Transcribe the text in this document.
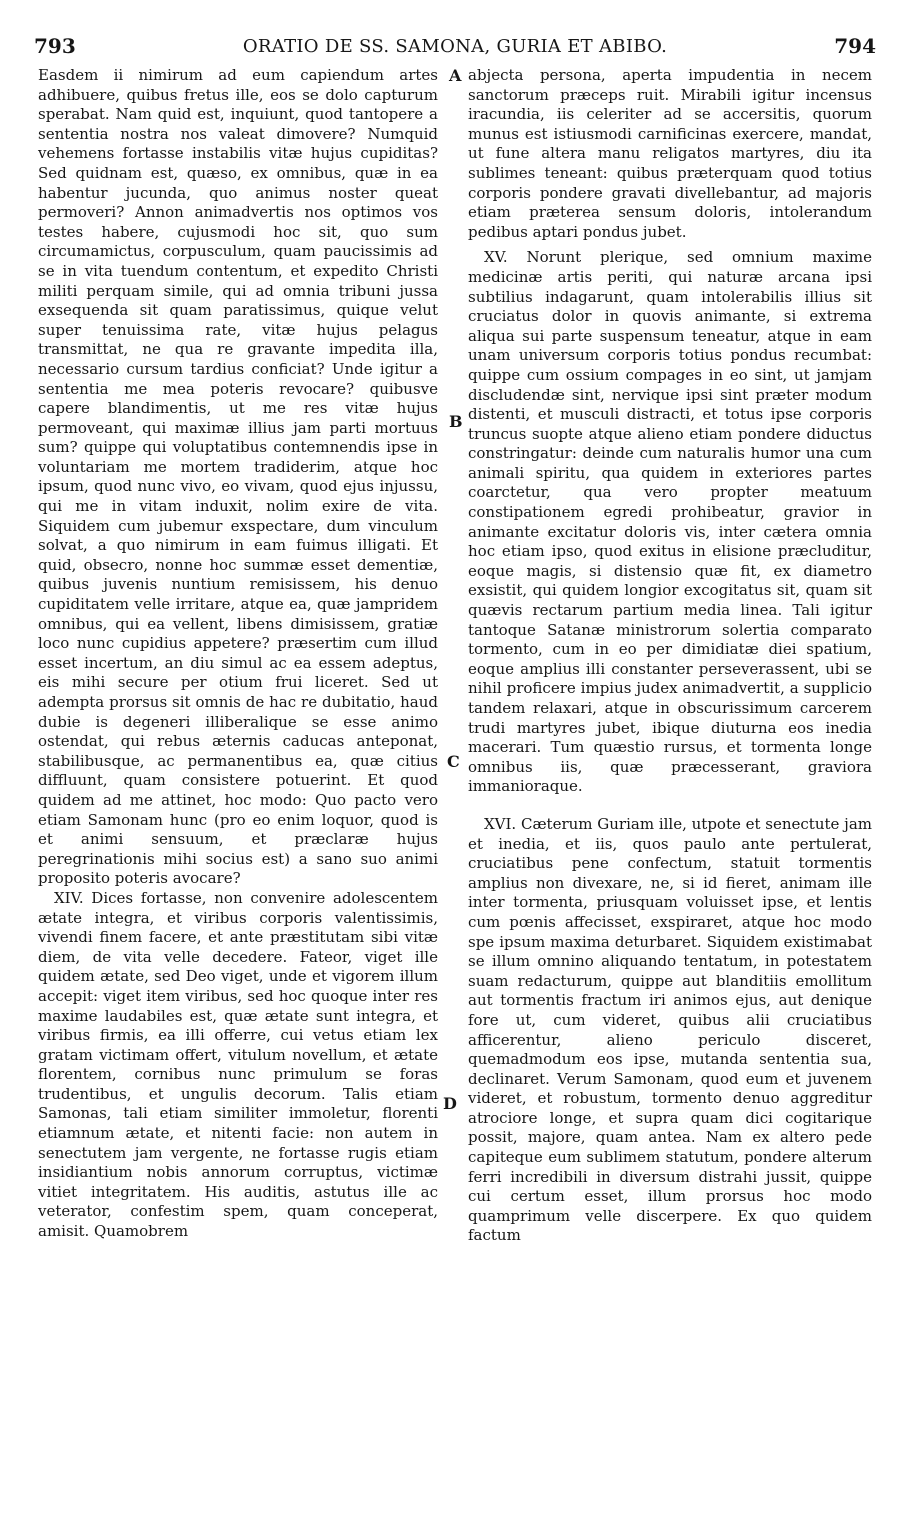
793	ORATIO DE SS. SAMONA, GURIA ET ABIBO.	794

Easdem ii nimirum ad eum capiendum artes adhibuere, quibus fretus ille, eos se dolo capturum sperabat. Nam quid est, inquiunt, quod tantopere a sententia nostra nos valeat dimovere? Numquid vehemens fortasse instabilis vitæ hujus cupiditas? Sed quidnam est, quæso, ex omnibus, quæ in ea habentur jucunda, quo animus noster queat permoveri? Annon animadvertis nos optimos vos testes habere, cujusmodi hoc sit, quo sum circumamictus, corpusculum, quam paucissimis ad se in vita tuendum contentum, et expedito Christi militi perquam simile, qui ad omnia tribuni jussa exsequenda sit quam paratissimus, quique velut super tenuissima rate, vitæ hujus pelagus transmittat, ne qua re gravante impedita illa, necessario cursum tardius conficiat? Unde igitur a sententia me mea poteris revocare? quibusve capere blandimentis, ut me res vitæ hujus permoveant, qui maximæ illius jam parti mortuus sum? quippe qui voluptatibus contemnendis ipse in voluntariam me mortem tradiderim, atque hoc ipsum, quod nunc vivo, eo vivam, quod ejus injussu, qui me in vitam induxit, nolim exire de vita. Siquidem cum jubemur exspectare, dum vinculum solvat, a quo nimirum in eam fuimus illigati. Et quid, obsecro, nonne hoc summæ esset dementiæ, quibus juvenis nuntium remisissem, his denuo cupiditatem velle irritare, atque ea, quæ jampridem omnibus, qui ea vellent, libens dimisissem, gratiæ loco nunc cupidius appetere? præsertim cum illud esset incertum, an diu simul ac ea essem adeptus, eis mihi secure per otium frui liceret. Sed ut adempta prorsus sit omnis de hac re dubitatio, haud dubie is degeneri illiberalique se esse animo ostendat, qui rebus æternis caducas anteponat, stabilibusque, ac permanentibus ea, quæ citius diffluunt, quam consistere potuerint. Et quod quidem ad me attinet, hoc modo: Quo pacto vero etiam Samonam hunc (pro eo enim loquor, quod is et animi sensuum, et præclaræ hujus peregrinationis mihi socius est) a sano suo animi proposito poteris avocare?

XIV. Dices fortasse, non convenire adolescentem ætate integra, et viribus corporis valentissimis, vivendi finem facere, et ante præstitutam sibi vitæ diem, de vita velle decedere. Fateor, viget ille quidem ætate, sed Deo viget, unde et vigorem illum accepit: viget item viribus, sed hoc quoque inter res maxime laudabiles est, quæ ætate sunt integra, et viribus firmis, ea illi offerre, cui vetus etiam lex gratam victimam offert, vitulum novellum, et ætate florentem, cornibus nunc primulum se foras trudentibus, et ungulis decorum. Talis etiam Samonas, tali etiam similiter immoletur, florenti etiamnum ætate, et nitenti facie: non autem in senectutem jam vergente, ne fortasse rugis etiam insidiantium nobis annorum corruptus, victimæ vitiet integritatem. His auditis, astutus ille ac veterator, confestim spem, quam conceperat, amisit. Quamobrem

A
B
C
D

abjecta persona, aperta impudentia in necem sanctorum præceps ruit. Mirabili igitur incensus iracundia, iis celeriter ad se accersitis, quorum munus est istiusmodi carnificinas exercere, mandat, ut fune altera manu religatos martyres, diu ita sublimes teneant: quibus præterquam quod totius corporis pondere gravati divellebantur, ad majoris etiam præterea sensum doloris, intolerandum pedibus aptari pondus jubet.

XV. Norunt plerique, sed omnium maxime medicinæ artis periti, qui naturæ arcana ipsi subtilius indagarunt, quam intolerabilis illius sit cruciatus dolor in quovis animante, si extrema aliqua sui parte suspensum teneatur, atque in eam unam universum corporis totius pondus recumbat: quippe cum ossium compages in eo sint, ut jamjam discludendæ sint, nervique ipsi sint præter modum distenti, et musculi distracti, et totus ipse corporis truncus suopte atque alieno etiam pondere diductus constringatur: deinde cum naturalis humor una cum animali spiritu, qua quidem in exteriores partes coarctetur, qua vero propter meatuum constipationem egredi prohibeatur, gravior in animante excitatur doloris vis, inter cætera omnia hoc etiam ipso, quod exitus in elisione præcluditur, eoque magis, si distensio quæ fit, ex diametro exsistit, qui quidem longior excogitatus sit, quam sit quævis rectarum partium media linea. Tali igitur tantoque Satanæ ministrorum solertia comparato tormento, cum in eo per dimidiatæ diei spatium, eoque amplius illi constanter perseverassent, ubi se nihil proficere impius judex animadvertit, a supplicio tandem relaxari, atque in obscurissimum carcerem trudi martyres jubet, ibique diuturna eos inedia macerari. Tum quæstio rursus, et tormenta longe omnibus iis, quæ præcesserant, graviora immanioraque.

XVI. Cæterum Guriam ille, utpote et senectute jam et inedia, et iis, quos paulo ante pertulerat, cruciatibus pene confectum, statuit tormentis amplius non divexare, ne, si id fieret, animam ille inter tormenta, priusquam voluisset ipse, et lentis cum pœnis affecisset, exspiraret, atque hoc modo spe ipsum maxima deturbaret. Siquidem existimabat se illum omnino aliquando tentatum, in potestatem suam redacturum, quippe aut blanditiis emollitum aut tormentis fractum iri animos ejus, aut denique fore ut, cum videret, quibus alii cruciatibus afficerentur, alieno periculo disceret, quemadmodum eos ipse, mutanda sententia sua, declinaret. Verum Samonam, quod eum et juvenem videret, et robustum, tormento denuo aggreditur atrociore longe, et supra quam dici cogitarique possit, majore, quam antea. Nam ex altero pede capiteque eum sublimem statutum, pondere alterum ferri incredibili in diversum distrahi jussit, quippe cui certum esset, illum prorsus hoc modo quamprimum velle discerpere. Ex quo quidem factum
